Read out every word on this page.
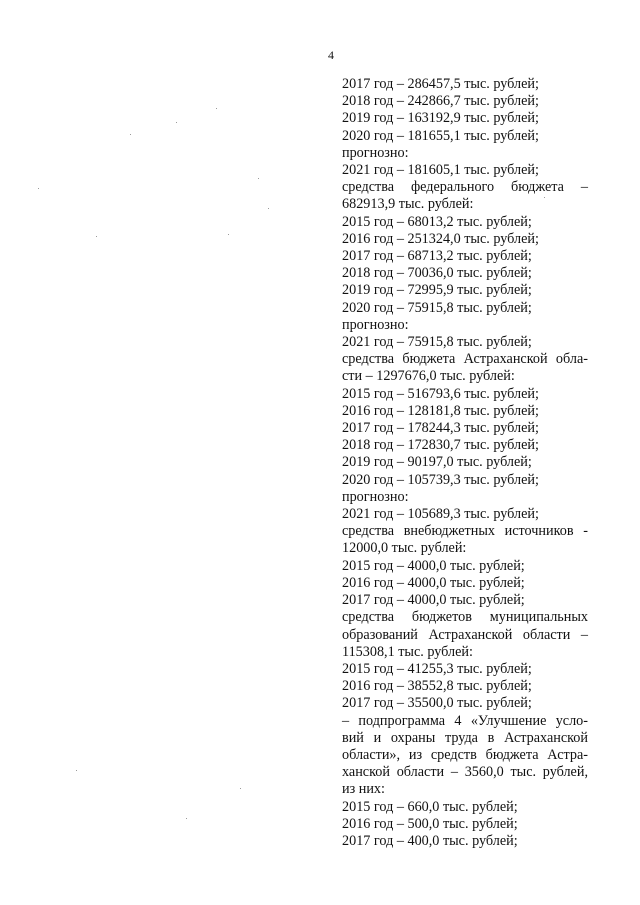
4
2017 год – 286457,5 тыс. рублей;
2018 год – 242866,7 тыс. рублей;
2019 год – 163192,9 тыс. рублей;
2020 год – 181655,1 тыс. рублей;
прогнозно:
2021 год – 181605,1 тыс. рублей;
средства федерального бюджета –
682913,9 тыс. рублей:
2015 год – 68013,2 тыс. рублей;
2016 год – 251324,0 тыс. рублей;
2017 год – 68713,2 тыс. рублей;
2018 год – 70036,0 тыс. рублей;
2019 год – 72995,9 тыс. рублей;
2020 год – 75915,8 тыс. рублей;
прогнозно:
2021 год – 75915,8 тыс. рублей;
средства бюджета Астраханской обла-
сти – 1297676,0 тыс. рублей:
2015 год – 516793,6 тыс. рублей;
2016 год – 128181,8 тыс. рублей;
2017 год – 178244,3 тыс. рублей;
2018 год – 172830,7 тыс. рублей;
2019 год – 90197,0 тыс. рублей;
2020 год – 105739,3 тыс. рублей;
прогнозно:
2021 год – 105689,3 тыс. рублей;
средства внебюджетных источников -
12000,0 тыс. рублей:
2015 год – 4000,0 тыс. рублей;
2016 год – 4000,0 тыс. рублей;
2017 год – 4000,0 тыс. рублей;
средства бюджетов муниципальных
образований Астраханской области –
115308,1 тыс. рублей:
2015 год – 41255,3 тыс. рублей;
2016 год – 38552,8 тыс. рублей;
2017 год – 35500,0 тыс. рублей;
– подпрограмма 4 «Улучшение усло-
вий и охраны труда в Астраханской
области», из средств бюджета Астра-
ханской области – 3560,0 тыс. рублей,
из них:
2015 год – 660,0 тыс. рублей;
2016 год – 500,0 тыс. рублей;
2017 год – 400,0 тыс. рублей;
